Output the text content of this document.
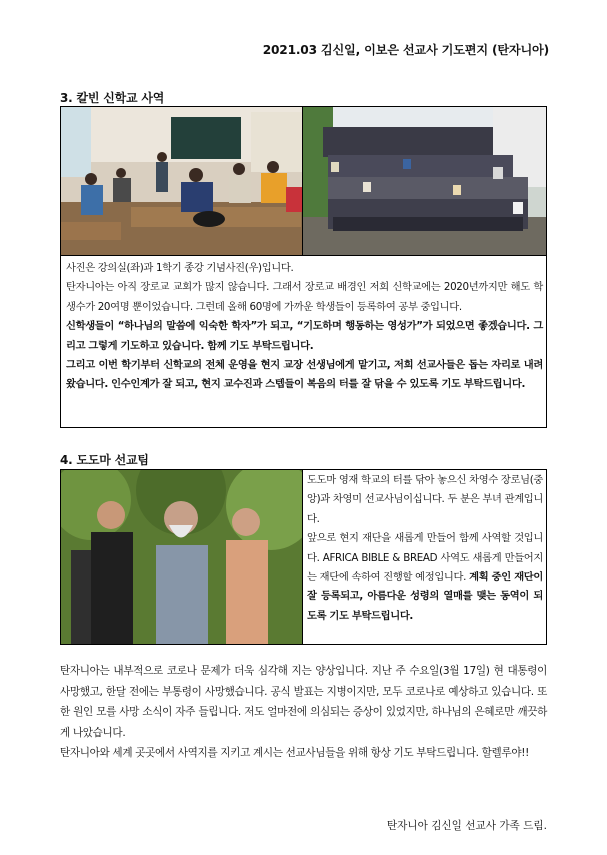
2021.03 김신일, 이보은 선교사 기도편지 (탄자니아)
3. 칼빈 신학교 사역

사진은 강의실(좌)과 1학기 종강 기념사진(우)입니다.

탄자니아는 아직 장로교 교회가 많지 않습니다. 그래서 장로교 배경인 저희 신학교에는 2020년까지만 해도 학생수가 20여명 뿐이었습니다. 그런데 올해 60명에 가까운 학생들이 등록하여 공부 중입니다.

신학생들이 “하나님의 말씀에 익숙한 학자”가 되고, “기도하며 행동하는 영성가”가 되었으면 좋겠습니다. 그리고 그렇게 기도하고 있습니다. 함께 기도 부탁드립니다.

그리고 이번 학기부터 신학교의 전체 운영을 현지 교장 선생님에게 맡기고, 저희 선교사들은 돕는 자리로 내려왔습니다. 인수인계가 잘 되고, 현지 교수진과 스텝들이 복음의 터를 잘 닦을 수 있도록 기도 부탁드립니다.

4. 도도마 선교팀

도도마 영재 학교의 터를 닦아 놓으신 차영수 장로님(중앙)과 차영미 선교사님이십니다. 두 분은 부녀 관계입니다.

앞으로 현지 재단을 새롭게 만들어 함께 사역할 것입니다. AFRICA BIBLE & BREAD 사역도 새롭게 만들어지는 재단에 속하여 진행할 예정입니다. 계획 중인 재단이 잘 등록되고, 아름다운 성령의 열매를 맺는 동역이 되도록 기도 부탁드립니다.

탄자니아는 내부적으로 코로나 문제가 더욱 심각해 지는 양상입니다. 지난 주 수요일(3월 17일) 현 대통령이 사망했고, 한달 전에는 부통령이 사망했습니다. 공식 발표는 지병이지만, 모두 코로나로 예상하고 있습니다. 또한 원인 모를 사망 소식이 자주 들립니다. 저도 얼마전에 의심되는 증상이 있었지만, 하나님의 은혜로만 깨끗하게 나았습니다.

탄자니아와 세계 곳곳에서 사역지를 지키고 계시는 선교사님들을 위해 항상 기도 부탁드립니다. 할렐루야!!

탄자니아 김신일 선교사 가족 드림.
